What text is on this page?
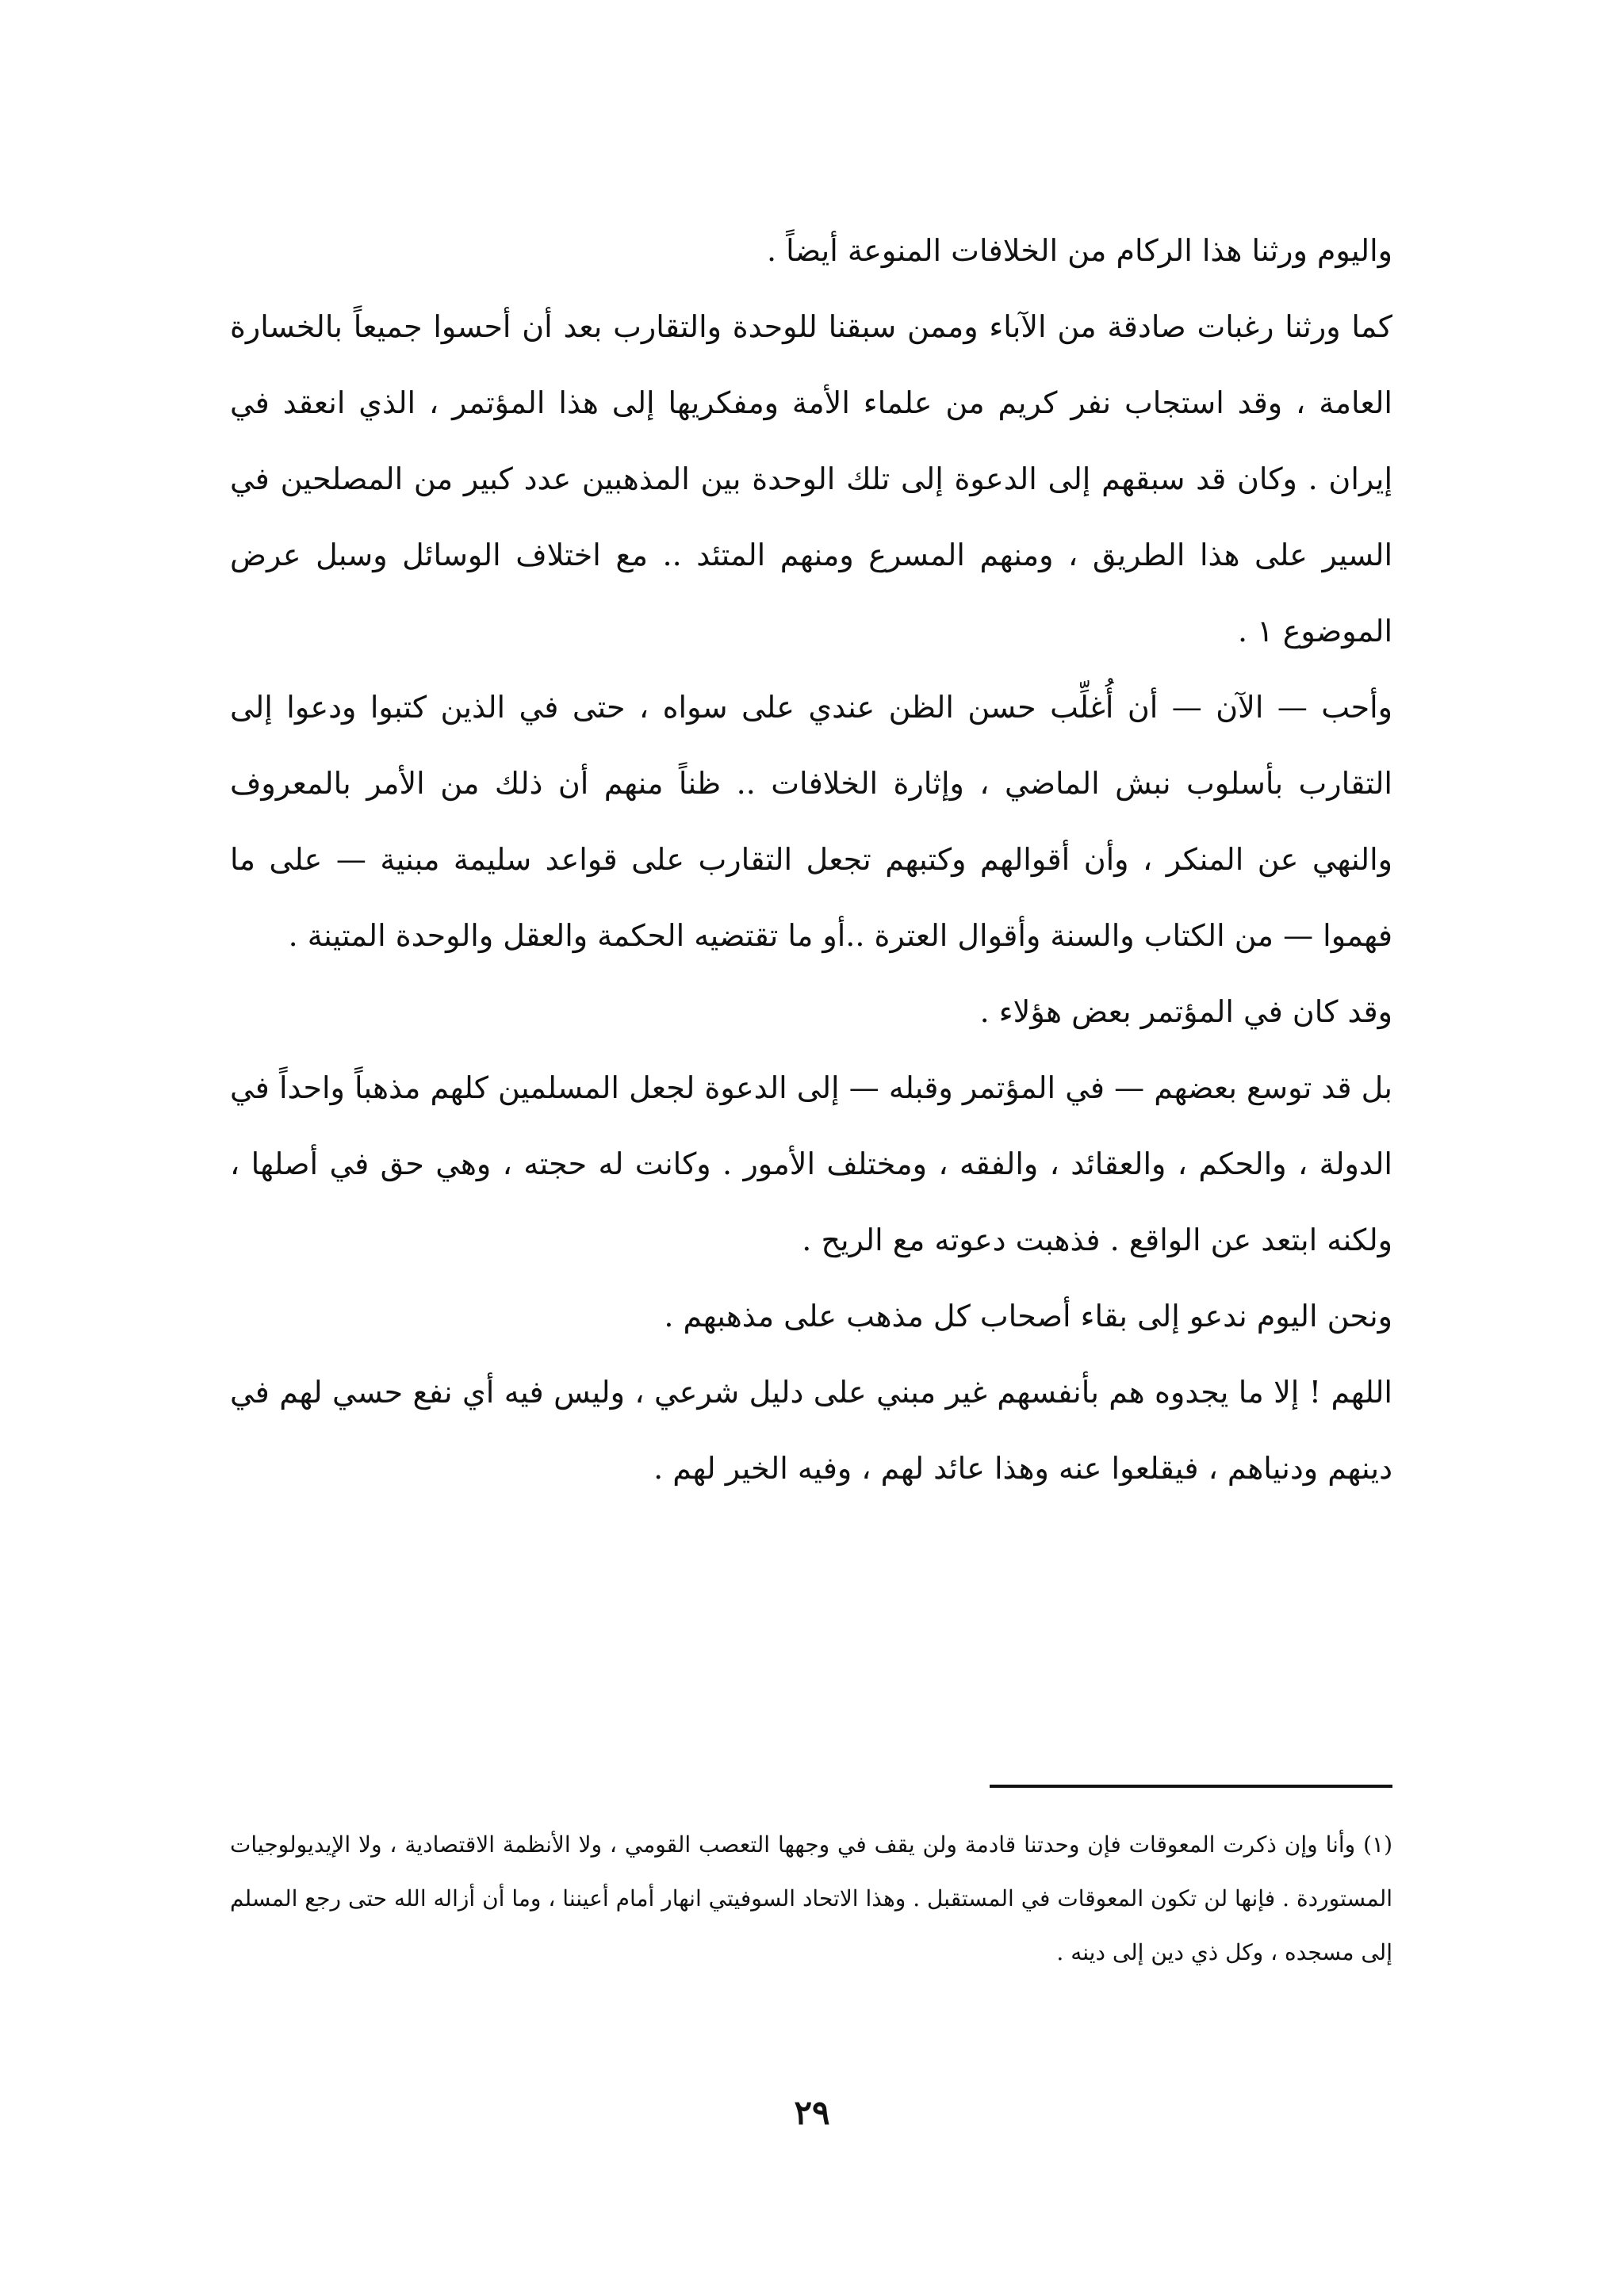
واليوم ورثنا هذا الركام من الخلافات المنوعة أيضاً .

كما ورثنا رغبات صادقة من الآباء وممن سبقنا للوحدة والتقارب بعد أن أحسوا جميعاً بالخسارة العامة ، وقد استجاب نفر كريم من علماء الأمة ومفكريها إلى هذا المؤتمر ، الذي انعقد في إيران . وكان قد سبقهم إلى الدعوة إلى تلك الوحدة بين المذهبين عدد كبير من المصلحين في السير على هذا الطريق ، ومنهم المسرع ومنهم المتئد .. مع اختلاف الوسائل وسبل عرض الموضوع ١ .

وأحب — الآن — أن أُغلِّب حسن الظن عندي على سواه ، حتى في الذين كتبوا ودعوا إلى التقارب بأسلوب نبش الماضي ، وإثارة الخلافات .. ظناً منهم أن ذلك من الأمر بالمعروف والنهي عن المنكر ، وأن أقوالهم وكتبهم تجعل التقارب على قواعد سليمة مبنية — على ما فهموا — من الكتاب والسنة وأقوال العترة ..أو ما تقتضيه الحكمة والعقل والوحدة المتينة .

وقد كان في المؤتمر بعض هؤلاء .

بل قد توسع بعضهم — في المؤتمر وقبله — إلى الدعوة لجعل المسلمين كلهم مذهباً واحداً في الدولة ، والحكم ، والعقائد ، والفقه ، ومختلف الأمور . وكانت له حجته ، وهي حق في أصلها ، ولكنه ابتعد عن الواقع . فذهبت دعوته مع الريح .

ونحن اليوم ندعو إلى بقاء أصحاب كل مذهب على مذهبهم .

اللهم ! إلا ما يجدوه هم بأنفسهم غير مبني على دليل شرعي ، وليس فيه أي نفع حسي لهم في دينهم ودنياهم ، فيقلعوا عنه وهذا عائد لهم ، وفيه الخير لهم .

(١) وأنا وإن ذكرت المعوقات فإن وحدتنا قادمة ولن يقف في وجهها التعصب القومي ، ولا الأنظمة الاقتصادية ، ولا الإيديولوجيات المستوردة . فإنها لن تكون المعوقات في المستقبل . وهذا الاتحاد السوفيتي انهار أمام أعيننا ، وما أن أزاله الله حتى رجع المسلم إلى مسجده ، وكل ذي دين إلى دينه .

٢٩
